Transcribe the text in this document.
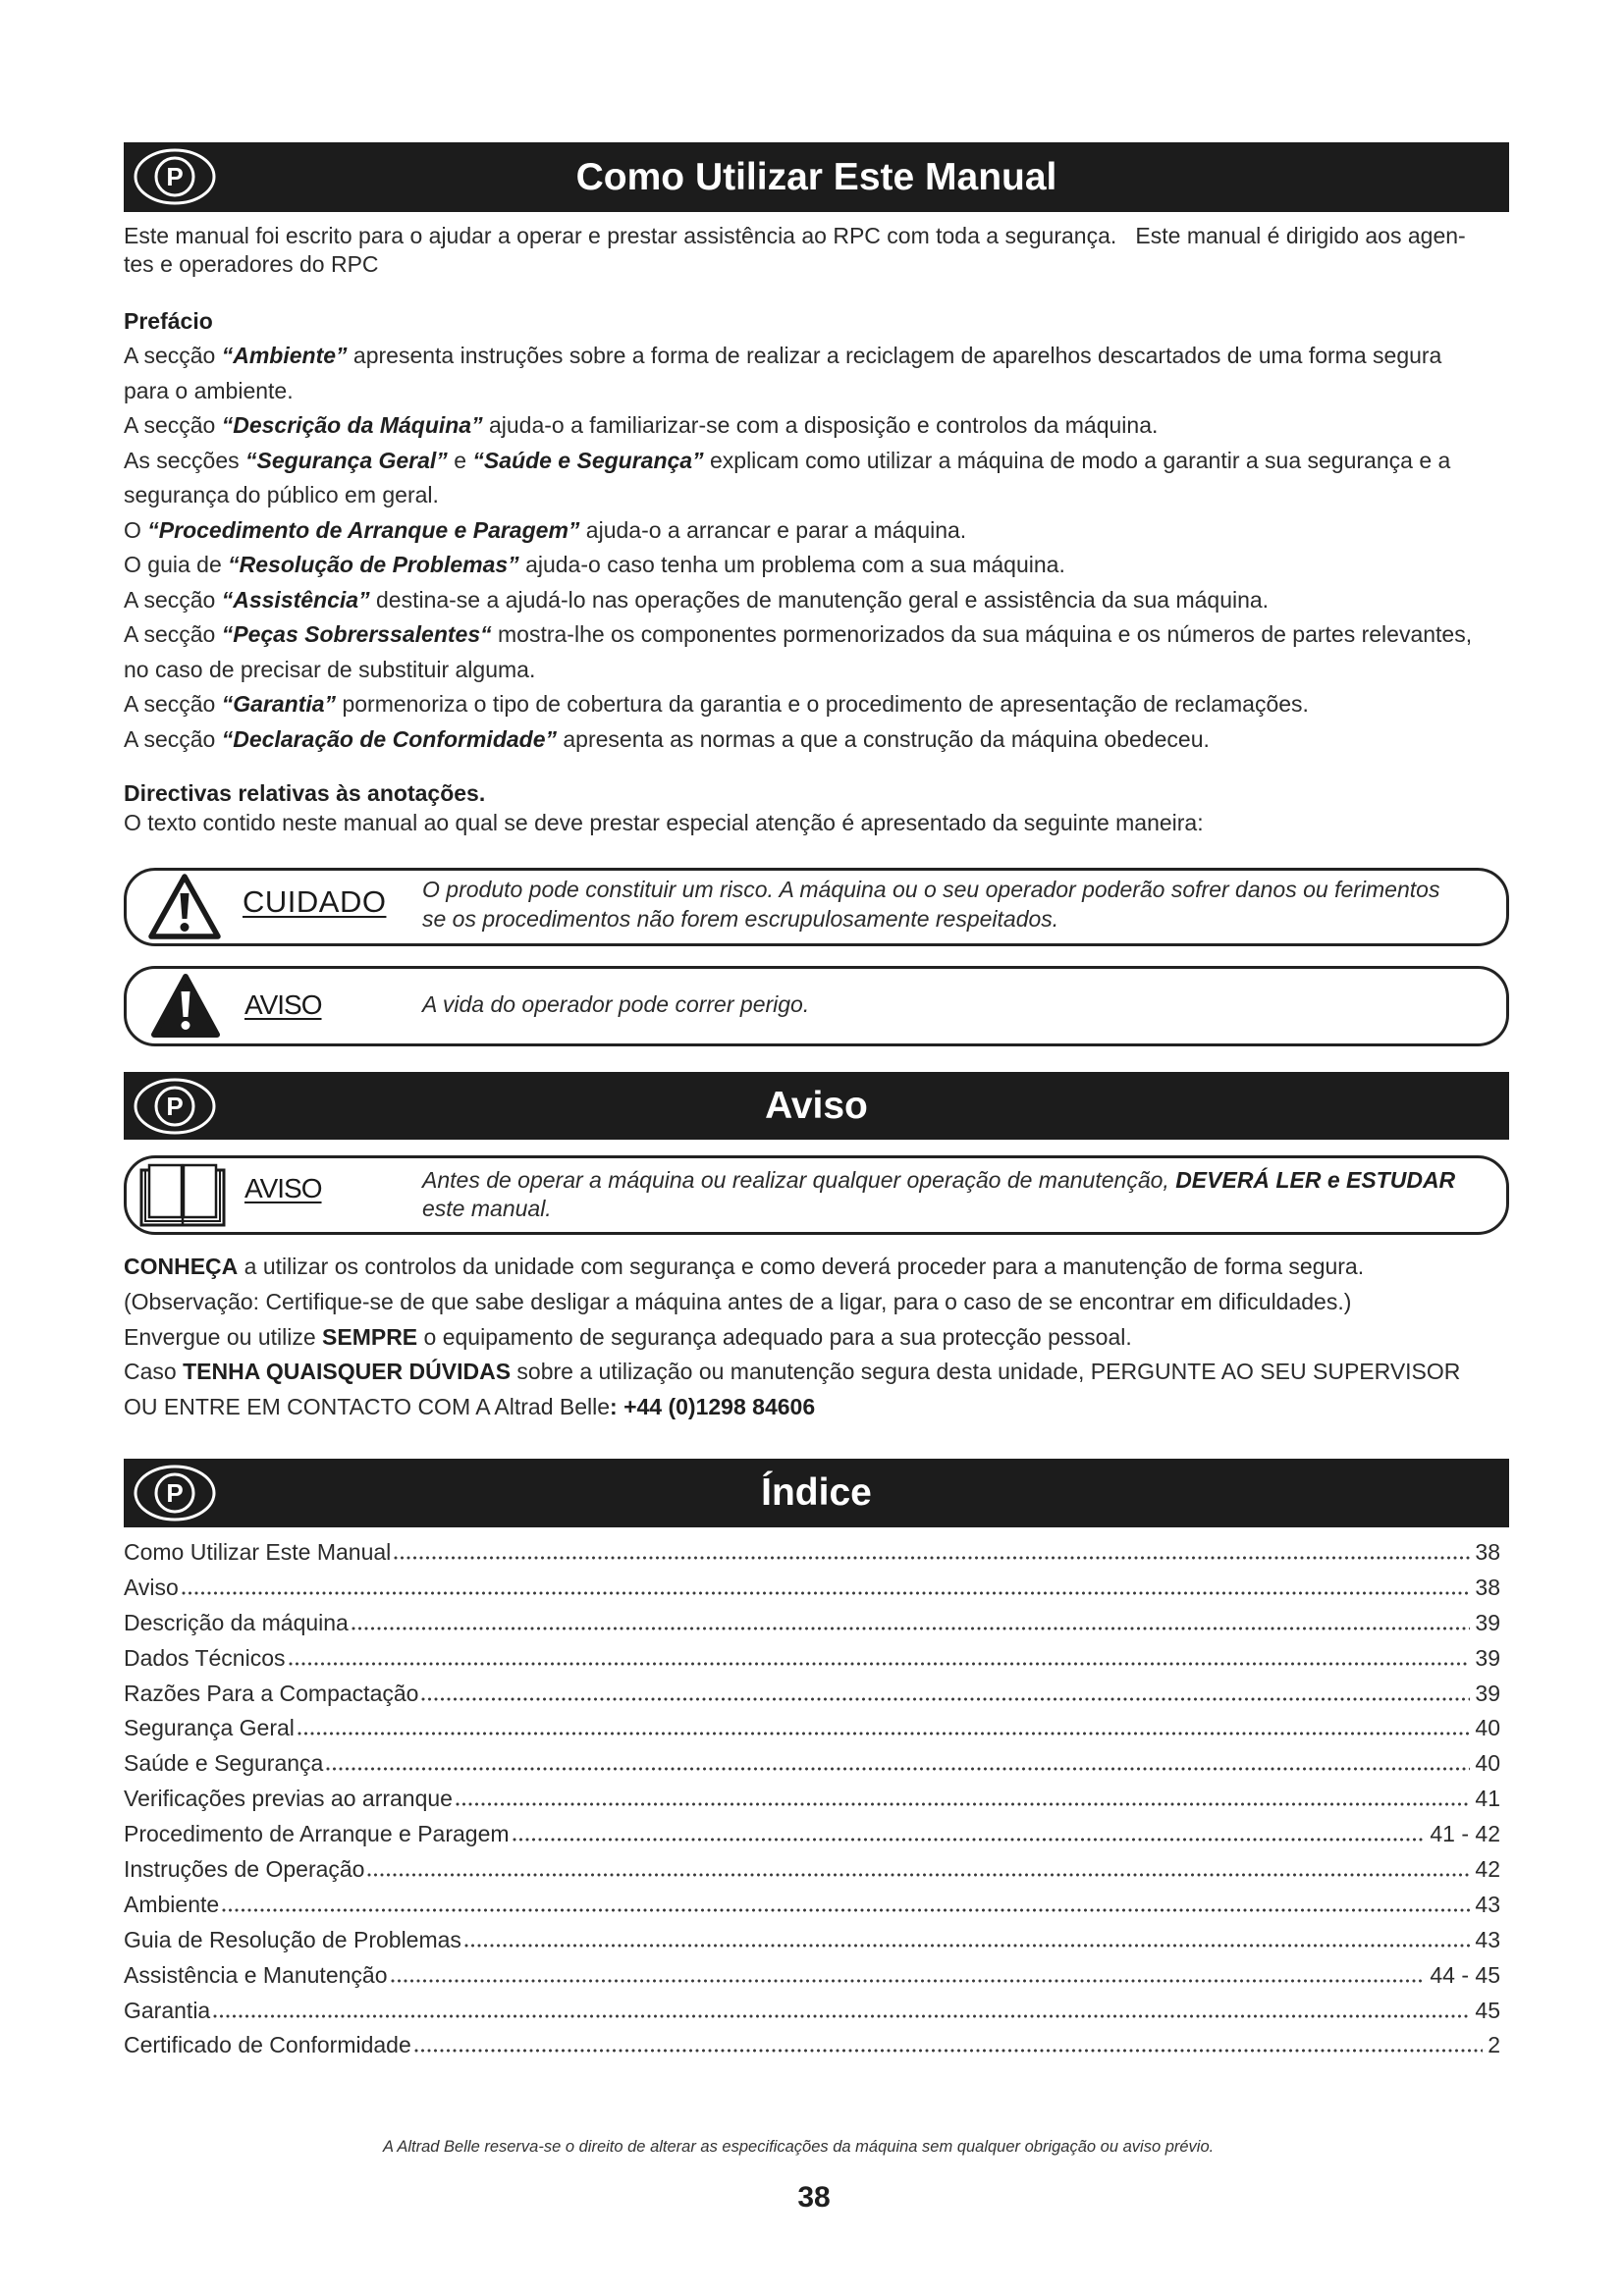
P	Como Utilizar Este Manual
Este manual foi escrito para o ajudar a operar e prestar assistência ao RPC com toda a segurança.   Este manual é dirigido aos agen-
tes e operadores do RPC
Prefácio
A secção “Ambiente” apresenta instruções sobre a forma de realizar a reciclagem de aparelhos descartados de uma forma segura
para o ambiente.
A secção “Descrição da Máquina” ajuda-o a familiarizar-se com a disposição e controlos da máquina.
As secções “Segurança Geral” e “Saúde e Segurança” explicam como utilizar a máquina de modo a garantir a sua segurança e a
segurança do público em geral.
O “Procedimento de Arranque e Paragem” ajuda-o a arrancar e parar a máquina.
O guia de “Resolução de Problemas” ajuda-o caso tenha um problema com a sua máquina.
A secção “Assistência” destina-se a ajudá-lo nas operações de manutenção geral e assistência da sua máquina.
A secção “Peças Sobrerssalentes“ mostra-lhe os componentes pormenorizados da sua máquina e os números de partes relevantes,
no caso de precisar de substituir alguma.
A secção “Garantia” pormenoriza o tipo de cobertura da garantia e o procedimento de apresentação de reclamações.
A secção “Declaração de Conformidade” apresenta as normas a que a construção da máquina obedeceu.
Directivas relativas às anotações.
O texto contido neste manual ao qual se deve prestar especial atenção é apresentado da seguinte maneira:
CUIDADO O produto pode constituir um risco. A máquina ou o seu operador poderão sofrer danos ou ferimentos
se os procedimentos não forem escrupulosamente respeitados.
AVISO	A vida do operador pode correr perigo.
P	Aviso
AVISO	Antes de operar a máquina ou realizar qualquer operação de manutenção, DEVERÁ LER e ESTUDAR
este manual.
CONHEÇA a utilizar os controlos da unidade com segurança e como deverá proceder para a manutenção de forma segura.
(Observação: Certifique-se de que sabe desligar a máquina antes de a ligar, para o caso de se encontrar em dificuldades.)
Envergue ou utilize SEMPRE o equipamento de segurança adequado para a sua protecção pessoal.
Caso TENHA QUAISQUER DÚVIDAS sobre a utilização ou manutenção segura desta unidade, PERGUNTE AO SEU SUPERVISOR
OU ENTRE EM CONTACTO COM A Altrad Belle: +44 (0)1298 84606
P	Índice
Como Utilizar Este Manual	38
Aviso	38
Descrição da máquina	39
Dados Técnicos	39
Razões Para a Compactação	39
Segurança Geral	40
Saúde e Segurança	40
Verificações previas ao arranque	41
Procedimento de Arranque e Paragem	41 - 42
Instruções de Operação	42
Ambiente	43
Guia de Resolução de Problemas	43
Assistência e Manutenção	44 - 45
Garantia	45
Certificado de Conformidade	2
A Altrad Belle reserva-se o direito de alterar as especificações da máquina sem qualquer obrigação ou aviso prévio.
38
